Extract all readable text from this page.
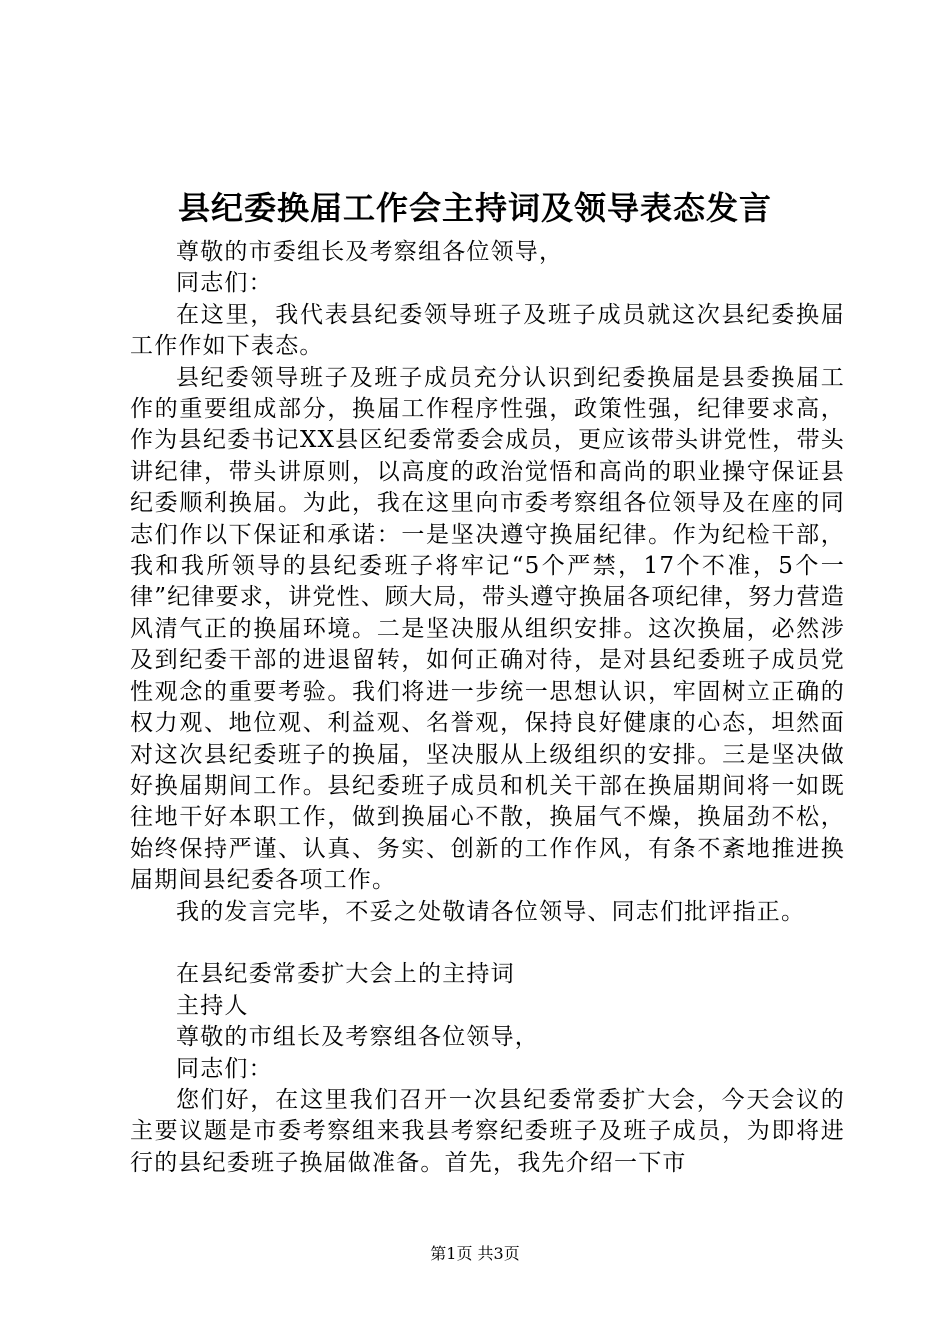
县纪委换届工作会主持词及领导表态发言

尊敬的市委组长及考察组各位领导，

同志们：

在这里，我代表县纪委领导班子及班子成员就这次县纪委换届工作作如下表态。

县纪委领导班子及班子成员充分认识到纪委换届是县委换届工作的重要组成部分，换届工作程序性强，政策性强，纪律要求高，作为县纪委书记XX县区纪委常委会成员，更应该带头讲党性，带头讲纪律，带头讲原则，以高度的政治觉悟和高尚的职业操守保证县纪委顺利换届。为此，我在这里向市委考察组各位领导及在座的同志们作以下保证和承诺：一是坚决遵守换届纪律。作为纪检干部，我和我所领导的县纪委班子将牢记“5个严禁，17个不准，5个一律”纪律要求，讲党性、顾大局，带头遵守换届各项纪律，努力营造风清气正的换届环境。二是坚决服从组织安排。这次换届，必然涉及到纪委干部的进退留转，如何正确对待，是对县纪委班子成员党性观念的重要考验。我们将进一步统一思想认识，牢固树立正确的权力观、地位观、利益观、名誉观，保持良好健康的心态，坦然面对这次县纪委班子的换届，坚决服从上级组织的安排。三是坚决做好换届期间工作。县纪委班子成员和机关干部在换届期间将一如既往地干好本职工作，做到换届心不散，换届气不燥，换届劲不松，始终保持严谨、认真、务实、创新的工作作风，有条不紊地推进换届期间县纪委各项工作。

我的发言完毕，不妥之处敬请各位领导、同志们批评指正。

在县纪委常委扩大会上的主持词

主持人

尊敬的市组长及考察组各位领导，

同志们：

您们好，在这里我们召开一次县纪委常委扩大会，今天会议的主要议题是市委考察组来我县考察纪委班子及班子成员，为即将进行的县纪委班子换届做准备。首先，我先介绍一下市

第1页 共3页
